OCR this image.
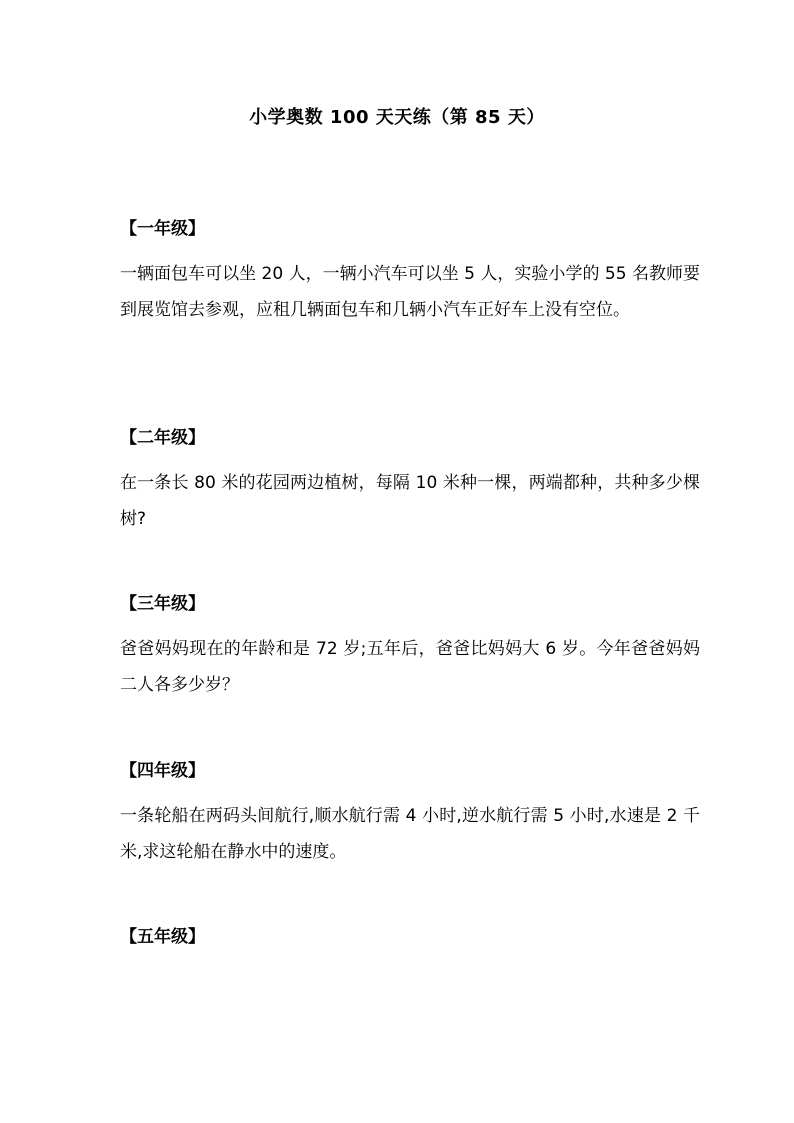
小学奥数 100 天天练（第 85 天）
【一年级】

一辆面包车可以坐 20 人，一辆小汽车可以坐 5 人，实验小学的 55 名教师要到展览馆去参观，应租几辆面包车和几辆小汽车正好车上没有空位。

【二年级】

在一条长 80 米的花园两边植树，每隔 10 米种一棵，两端都种，共种多少棵树?

【三年级】

爸爸妈妈现在的年龄和是 72 岁;五年后，爸爸比妈妈大 6 岁。今年爸爸妈妈二人各多少岁？

【四年级】

一条轮船在两码头间航行,顺水航行需 4 小时,逆水航行需 5 小时,水速是 2 千米,求这轮船在静水中的速度。

【五年级】
